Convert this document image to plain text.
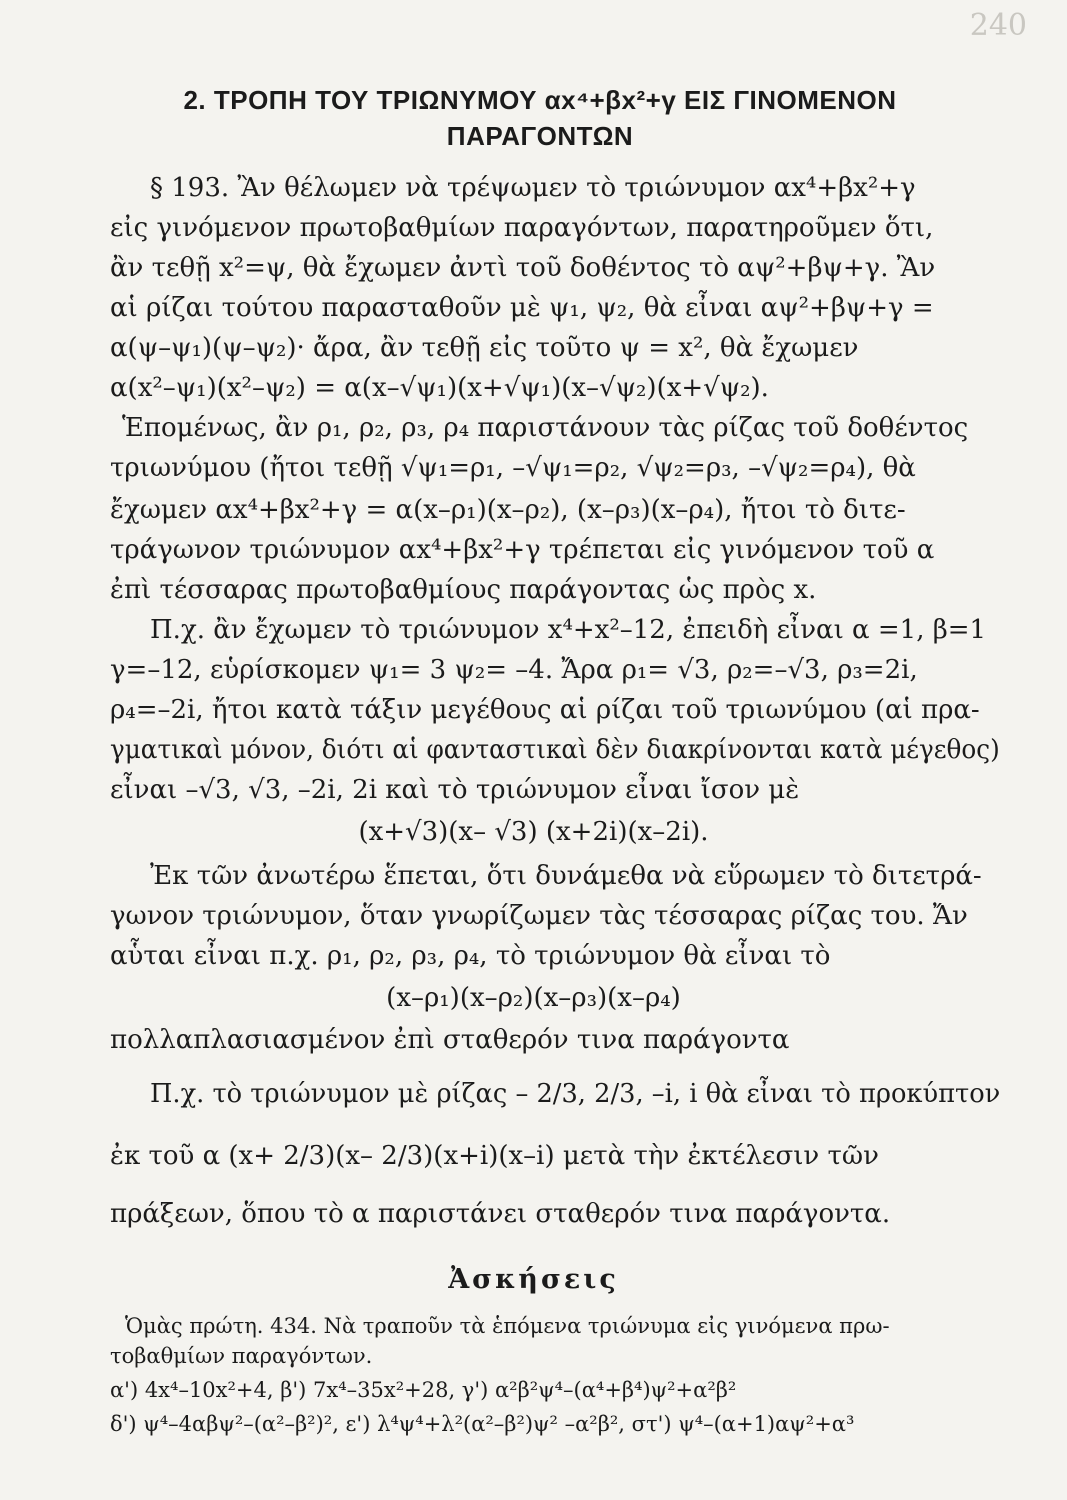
240
2. ΤΡΟΠΗ ΤΟΥ ΤΡΙΩΝΥΜΟΥ αx⁴+βx²+γ ΕΙΣ ΓΙΝΟΜΕΝΟΝ
ΠΑΡΑΓΟΝΤΩΝ
§ 193. Ἂν θέλωμεν νὰ τρέψωμεν τὸ τριώνυμον αx⁴+βx²+γ
εἰς γινόμενον πρωτοβαθμίων παραγόντων, παρατηροῦμεν ὅτι,
ἂν τεθῇ x²=ψ, θὰ ἔχωμεν ἀντὶ τοῦ δοθέντος τὸ αψ²+βψ+γ. Ἂν
αἱ ρίζαι τούτου παρασταθοῦν μὲ ψ₁, ψ₂, θὰ εἶναι αψ²+βψ+γ =
α(ψ–ψ₁)(ψ–ψ₂)· ἄρα, ἂν τεθῇ εἰς τοῦτο ψ = x², θὰ ἔχωμεν
α(x²–ψ₁)(x²–ψ₂) = α(x–√ψ₁)(x+√ψ₁)(x–√ψ₂)(x+√ψ₂).
Ἑπομένως, ἂν ρ₁, ρ₂, ρ₃, ρ₄ παριστάνουν τὰς ρίζας τοῦ δοθέντος
τριωνύμου (ἤτοι τεθῇ √ψ₁=ρ₁, –√ψ₁=ρ₂, √ψ₂=ρ₃, –√ψ₂=ρ₄), θὰ
ἔχωμεν αx⁴+βx²+γ = α(x–ρ₁)(x–ρ₂), (x–ρ₃)(x–ρ₄), ἤτοι τὸ διτε-
τράγωνον τριώνυμον αx⁴+βx²+γ τρέπεται εἰς γινόμενον τοῦ α
ἐπὶ τέσσαρας πρωτοβαθμίους παράγοντας ὡς πρὸς x.
Π.χ. ἂν ἔχωμεν τὸ τριώνυμον x⁴+x²–12, ἐπειδὴ εἶναι α =1, β=1
γ=–12, εὑρίσκομεν ψ₁= 3 ψ₂= –4. Ἄρα ρ₁= √3, ρ₂=–√3, ρ₃=2i,
ρ₄=–2i, ἤτοι κατὰ τάξιν μεγέθους αἱ ρίζαι τοῦ τριωνύμου (αἱ πρα-
γματικαὶ μόνον, διότι αἱ φανταστικαὶ δὲν διακρίνονται κατὰ μέγεθος)
εἶναι –√3, √3, –2i, 2i καὶ τὸ τριώνυμον εἶναι ἴσον μὲ
(x+√3)(x– √3) (x+2i)(x–2i).
Ἐκ τῶν ἀνωτέρω ἕπεται, ὅτι δυνάμεθα νὰ εὕρωμεν τὸ διτετρά-
γωνον τριώνυμον, ὅταν γνωρίζωμεν τὰς τέσσαρας ρίζας του. Ἄν
αὗται εἶναι π.χ. ρ₁, ρ₂, ρ₃, ρ₄, τὸ τριώνυμον θὰ εἶναι τὸ
(x–ρ₁)(x–ρ₂)(x–ρ₃)(x–ρ₄)
πολλαπλασιασμένον ἐπὶ σταθερόν τινα παράγοντα
Π.χ. τὸ τριώνυμον μὲ ρίζας – 2/3, 2/3, –i, i θὰ εἶναι τὸ προκύπτον
ἐκ τοῦ α (x+ 2/3)(x– 2/3)(x+i)(x–i) μετὰ τὴν ἐκτέλεσιν τῶν
πράξεων, ὅπου τὸ α παριστάνει σταθερόν τινα παράγοντα.
Ἀσκήσεις
Ὁμὰς πρώτη. 434. Νὰ τραποῦν τὰ ἑπόμενα τριώνυμα εἰς γινόμενα πρω-
τοβαθμίων παραγόντων.
α') 4x⁴–10x²+4, β') 7x⁴–35x²+28, γ') α²β²ψ⁴–(α⁴+β⁴)ψ²+α²β²
δ') ψ⁴–4αβψ²–(α²–β²)², ε') λ⁴ψ⁴+λ²(α²–β²)ψ² –α²β², στ') ψ⁴–(α+1)αψ²+α³
